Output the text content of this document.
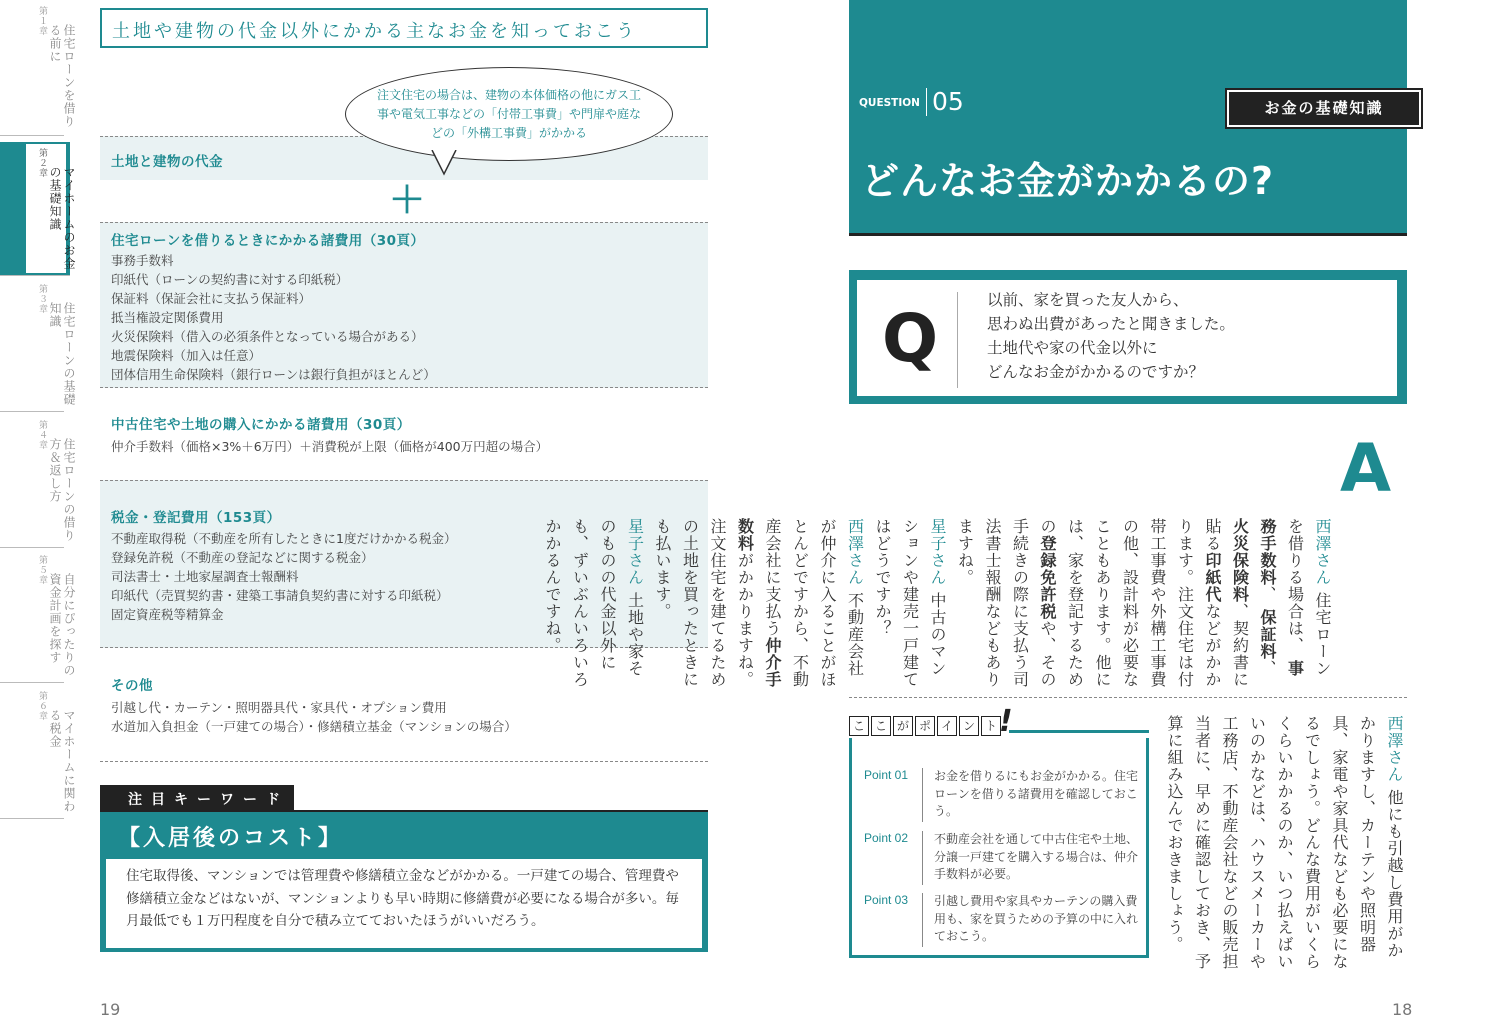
第１章
住宅ローンを借りる前に
第２章
マイホームのお金の基礎知識
第３章
住宅ローンの基礎知識
第４章
住宅ローンの借り方＆返し方
第５章
自分にぴったりの資金計画を探す
第６章
マイホームに関わる税金
土地や建物の代金以外にかかる主なお金を知っておこう
注文住宅の場合は、建物の本体価格の他にガス工事や電気工事などの「付帯工事費」や門扉や庭などの「外構工事費」がかかる
土地と建物の代金
＋
住宅ローンを借りるときにかかる諸費用（30頁）
事務手数料
印紙代（ローンの契約書に対する印紙税）
保証料（保証会社に支払う保証料）
抵当権設定関係費用
火災保険料（借入の必須条件となっている場合がある）
地震保険料（加入は任意）
団体信用生命保険料（銀行ローンは銀行負担がほとんど）
中古住宅や土地の購入にかかる諸費用（30頁）
仲介手数料（価格×3%＋6万円）＋消費税が上限（価格が400万円超の場合）
税金・登記費用（153頁）
不動産取得税（不動産を所有したときに1度だけかかる税金）
登録免許税（不動産の登記などに関する税金）
司法書士・土地家屋調査士報酬料
印紙代（売買契約書・建築工事請負契約書に対する印紙税）
固定資産税等精算金
その他
引越し代・カーテン・照明器具代・家具代・オプション費用
水道加入負担金（一戸建ての場合）・修繕積立基金（マンションの場合）
注目キーワード
【入居後のコスト】
住宅取得後、マンションでは管理費や修繕積立金などがかかる。一戸建ての場合、管理費や修繕積立金などはないが、マンションよりも早い時期に修繕費が必要になる場合が多い。毎月最低でも１万円程度を自分で積み立てておいたほうがいいだろう。
19
QUESTION 05	お金の基礎知識
どんなお金がかかるの?
Q	以前、家を買った友人から、
思わぬ出費があったと聞きました。
土地代や家の代金以外に
どんなお金がかかるのですか？
A
西澤さん 住宅ローン を借りる場合は、 事務手数料、 保証料、 火災保険料、契約書に貼る印紙代などがかかります。注文住宅は付帯工事費や外構工事費の他、設計料が必要なこともあります。他には、家を登記するための登録免許税や、その手続きの際に支払う司法書士報酬などもありますね。
星子さん 中古のマンションや建売一戸建てはどうですか？
西澤さん 不動産会社が仲介に入ることがほとんどですから、不動産会社に支払う仲介手数料がかかりますね。注文住宅を建てるための土地を買ったときにも払います。
星子さん 土地や家そのものの代金以外にも、ずいぶんいろいろかかるんですね。
西澤さん 他にも引越し費用がかかりますし、カーテンや照明器具、家電や家具代なども必要になるでしょう。どんな費用がいくらくらいかかるのか、いつ払えばいいのかなどは、ハウスメーカーや工務店、不動産会社などの販売担当者に、早めに確認しておき、予算に組み込んでおきましょう。
こ こ が ポ イ ン ト !
Point 01 お金を借りるにもお金がかかる。住宅ローンを借りる諸費用を確認しておこう。
Point 02 不動産会社を通して中古住宅や土地、分譲一戸建てを購入する場合は、仲介手数料が必要。
Point 03 引越し費用や家具やカーテンの購入費用も、家を買うための予算の中に入れておこう。
18
